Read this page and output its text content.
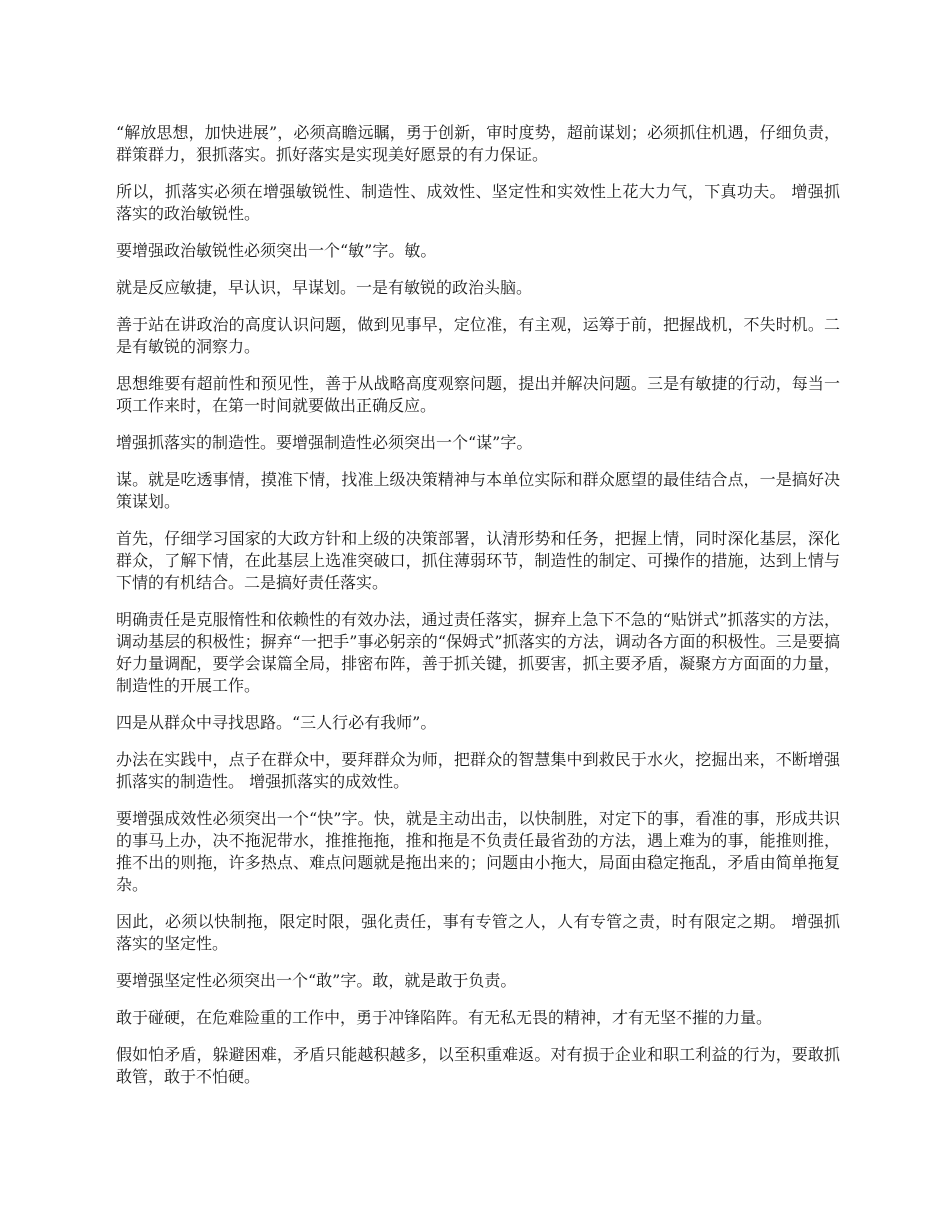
“解放思想，加快进展”，必须高瞻远瞩，勇于创新，审时度势，超前谋划；必须抓住机遇，仔细负责，群策群力，狠抓落实。抓好落实是实现美好愿景的有力保证。

所以，抓落实必须在增强敏锐性、制造性、成效性、坚定性和实效性上花大力气，下真功夫。 增强抓落实的政治敏锐性。

要增强政治敏锐性必须突出一个“敏”字。敏。

就是反应敏捷，早认识，早谋划。一是有敏锐的政治头脑。

善于站在讲政治的高度认识问题，做到见事早，定位准，有主观，运筹于前，把握战机，不失时机。二是有敏锐的洞察力。

思想维要有超前性和预见性，善于从战略高度观察问题，提出并解决问题。三是有敏捷的行动，每当一项工作来时，在第一时间就要做出正确反应。

增强抓落实的制造性。要增强制造性必须突出一个“谋”字。

谋。就是吃透事情，摸准下情，找准上级决策精神与本单位实际和群众愿望的最佳结合点，一是搞好决策谋划。

首先，仔细学习国家的大政方针和上级的决策部署，认清形势和任务，把握上情，同时深化基层，深化群众，了解下情，在此基层上选准突破口，抓住薄弱环节，制造性的制定、可操作的措施，达到上情与下情的有机结合。二是搞好责任落实。

明确责任是克服惰性和依赖性的有效办法，通过责任落实，摒弃上急下不急的“贴饼式”抓落实的方法，调动基层的积极性；摒弃“一把手”事必躬亲的“保姆式”抓落实的方法，调动各方面的积极性。三是要搞好力量调配，要学会谋篇全局，排密布阵，善于抓关键，抓要害，抓主要矛盾，凝聚方方面面的力量，制造性的开展工作。

四是从群众中寻找思路。“三人行必有我师”。

办法在实践中，点子在群众中，要拜群众为师，把群众的智慧集中到救民于水火，挖掘出来，不断增强抓落实的制造性。 增强抓落实的成效性。

要增强成效性必须突出一个“快”字。快，就是主动出击，以快制胜，对定下的事，看准的事，形成共识的事马上办，决不拖泥带水，推推拖拖，推和拖是不负责任最省劲的方法，遇上难为的事，能推则推，推不出的则拖，许多热点、难点问题就是拖出来的；问题由小拖大，局面由稳定拖乱，矛盾由简单拖复杂。

因此，必须以快制拖，限定时限，强化责任，事有专管之人，人有专管之责，时有限定之期。 增强抓落实的坚定性。

要增强坚定性必须突出一个“敢”字。敢，就是敢于负责。

敢于碰硬，在危难险重的工作中，勇于冲锋陷阵。有无私无畏的精神，才有无坚不摧的力量。

假如怕矛盾，躲避困难，矛盾只能越积越多，以至积重难返。对有损于企业和职工利益的行为，要敢抓敢管，敢于不怕硬。
